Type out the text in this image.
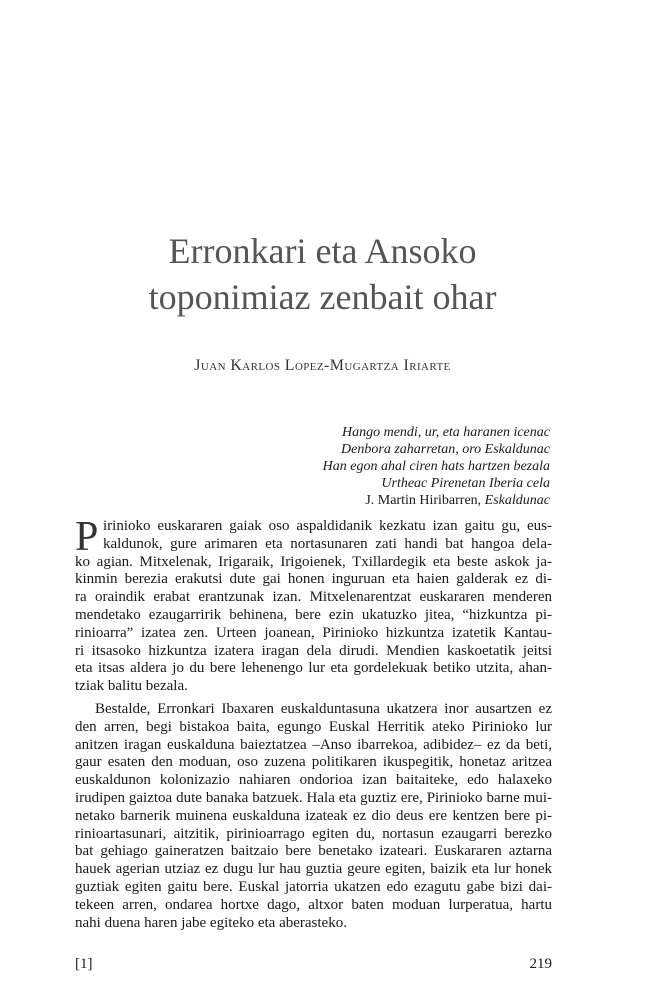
Erronkari eta Ansoko
toponimiaz zenbait ohar
Juan Karlos Lopez-Mugartza Iriarte
Hango mendi, ur, eta haranen icenac
Denbora zaharretan, oro Eskaldunac
Han egon ahal ciren hats hartzen bezala
Urtheac Pirenetan Iberia cela
J. Martin Hiribarren, Eskaldunac

P irinioko euskararen gaiak oso aspaldidanik kezkatu izan gaitu gu, eus-
kaldunok, gure arimaren eta nortasunaren zati handi bat hangoa dela-
ko agian. Mitxelenak, Irigaraik, Irigoienek, Txillardegik eta beste askok ja-
kinmin berezia erakutsi dute gai honen inguruan eta haien galderak ez di-
ra oraindik erabat erantzunak izan. Mitxelenarentzat euskararen menderen
mendetako ezaugarririk behinena, bere ezin ukatuzko jitea, “hizkuntza pi-
rinioarra” izatea zen. Urteen joanean, Pirinioko hizkuntza izatetik Kantau-
ri itsasoko hizkuntza izatera iragan dela dirudi. Mendien kaskoetatik jeitsi
eta itsas aldera jo du bere lehenengo lur eta gordelekuak betiko utzita, ahan-
tziak balitu bezala.

Bestalde, Erronkari Ibaxaren euskalduntasuna ukatzera inor ausartzen ez
den arren, begi bistakoa baita, egungo Euskal Herritik ateko Pirinioko lur
anitzen iragan euskalduna baieztatzea –Anso ibarrekoa, adibidez– ez da beti,
gaur esaten den moduan, oso zuzena politikaren ikuspegitik, honetaz aritzea
euskaldunon kolonizazio nahiaren ondorioa izan baitaiteke, edo halaxeko
irudipen gaiztoa dute banaka batzuek. Hala eta guztiz ere, Pirinioko barne mui-
netako barnerik muinena euskalduna izateak ez dio deus ere kentzen bere pi-
rinioartasunari, aitzitik, pirinioarrago egiten du, nortasun ezaugarri berezko
bat gehiago gaineratzen baitzaio bere benetako izateari. Euskararen aztarna
hauek agerian utziaz ez dugu lur hau guztia geure egiten, baizik eta lur honek
guztiak egiten gaitu bere. Euskal jatorria ukatzen edo ezagutu gabe bizi dai-
tekeen arren, ondarea hortxe dago, altxor baten moduan lurperatua, hartu
nahi duena haren jabe egiteko eta aberasteko.

[1]	219
